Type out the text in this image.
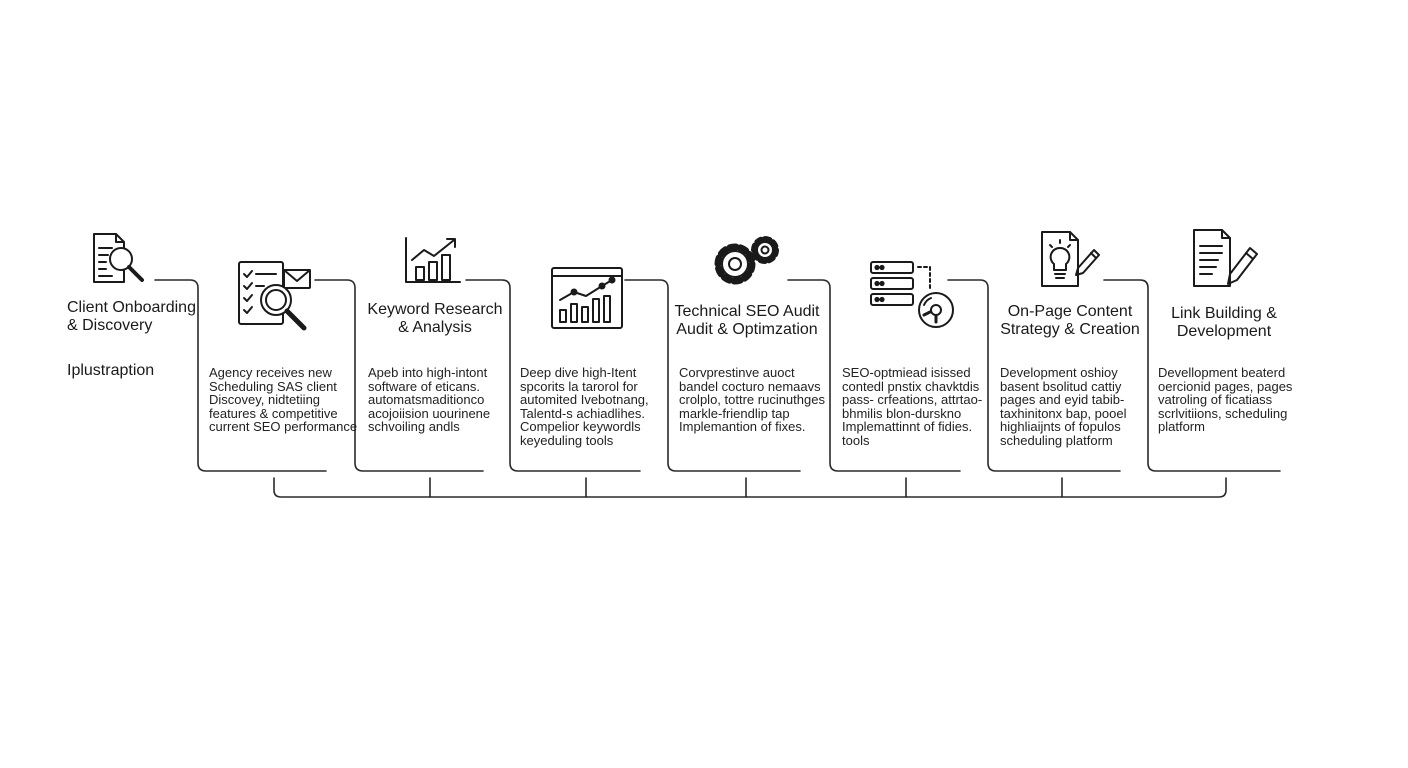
Client Onboarding
& Discovery
Keyword Research
& Analysis
Technical SEO Audit
Audit & Optimzation
On-Page Content
Strategy & Creation
Link Building &
Development
Iplustraption	Agency receives new
Scheduling SAS client
Discovey, nidtetiing
features & competitive
current SEO performance
Apeb into high-intont
software of eticans.
automatsmaditionco
acojoiision uourinene
schvoiling andls
Deep dive high-Itent
spcorits la tarorol for
automited Ivebotnang,
Talentd-s achiadlihes.
Compelior keywordls
keyeduling tools
Corvprestinve auoct
bandel cocturo nemaavs
crolplo, tottre rucinuthges
markle-friendlip tap
Implemantion of fixes.
SEO-optmiead isissed
contedl pnstix chavktdis
pass- crfeations, attrtao-
bhmilis blon-durskno
Implemattinnt of fidies.
tools
Development oshioy
basent bsolitud cattiy
pages and eyid tabib-
taxhinitonx bap, pooel
highliaijnts of fopulos
scheduling platform
Devellopment beaterd
oercionid pages, pages
vatroling of ficatiass
scrlvitiions, scheduling
platform
